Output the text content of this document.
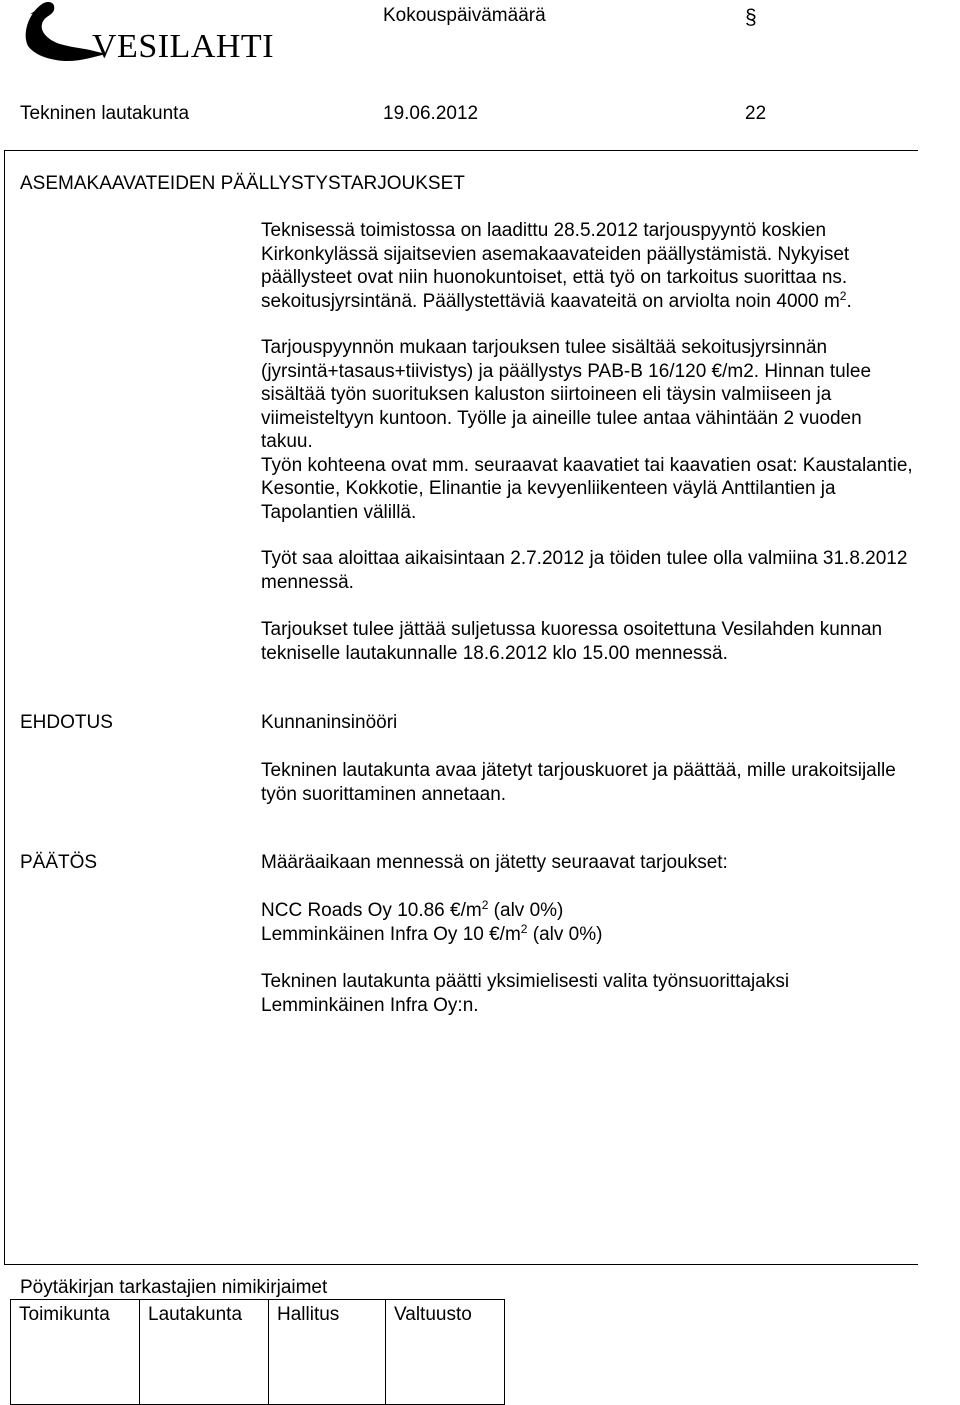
VESILAHTI
Kokouspäivämäärä	§
Tekninen lautakunta	19.06.2012	22
ASEMAKAAVATEIDEN PÄÄLLYSTYSTARJOUKSET
Teknisessä toimistossa on laadittu 28.5.2012 tarjouspyyntö koskien
Kirkonkylässä sijaitsevien asemakaavateiden päällystämistä. Nykyiset
päällysteet ovat niin huonokuntoiset, että työ on tarkoitus suorittaa ns.
sekoitusjyrsintänä. Päällystettäviä kaavateitä on arviolta noin 4000 $m^2$.
Tarjouspyynnön mukaan tarjouksen tulee sisältää sekoitusjyrsinnän
(jyrsintä+tasaus+tiivistys) ja päällystys PAB-B 16/120 €/m2. Hinnan tulee
sisältää työn suorituksen kaluston siirtoineen eli täysin valmiiseen ja
viimeisteltyyn kuntoon. Työlle ja aineille tulee antaa vähintään 2 vuoden
takuu.
Työn kohteena ovat mm. seuraavat kaavatiet tai kaavatien osat: Kaustalantie,
Kesontie, Kokkotie, Elinantie ja kevyenliikenteen väylä Anttilantien ja
Tapolantien välillä.
Työt saa aloittaa aikaisintaan 2.7.2012 ja töiden tulee olla valmiina 31.8.2012
mennessä.
Tarjoukset tulee jättää suljetussa kuoressa osoitettuna Vesilahden kunnan
tekniselle lautakunnalle 18.6.2012 klo 15.00 mennessä.
EHDOTUS	Kunnaninsinööri
Tekninen lautakunta avaa jätetyt tarjouskuoret ja päättää, mille urakoitsijalle
työn suorittaminen annetaan.
PÄÄTÖS	Määräaikaan mennessä on jätetty seuraavat tarjoukset:
NCC Roads Oy 10.86 $€/m^2$ (alv 0%)
Lemminkäinen Infra Oy 10 $€/m^2$ (alv 0%)
Tekninen lautakunta päätti yksimielisesti valita työnsuorittajaksi
Lemminkäinen Infra Oy:n.
Pöytäkirjan tarkastajien nimikirjaimet
Toimikunta	Lautakunta	Hallitus	Valtuusto
